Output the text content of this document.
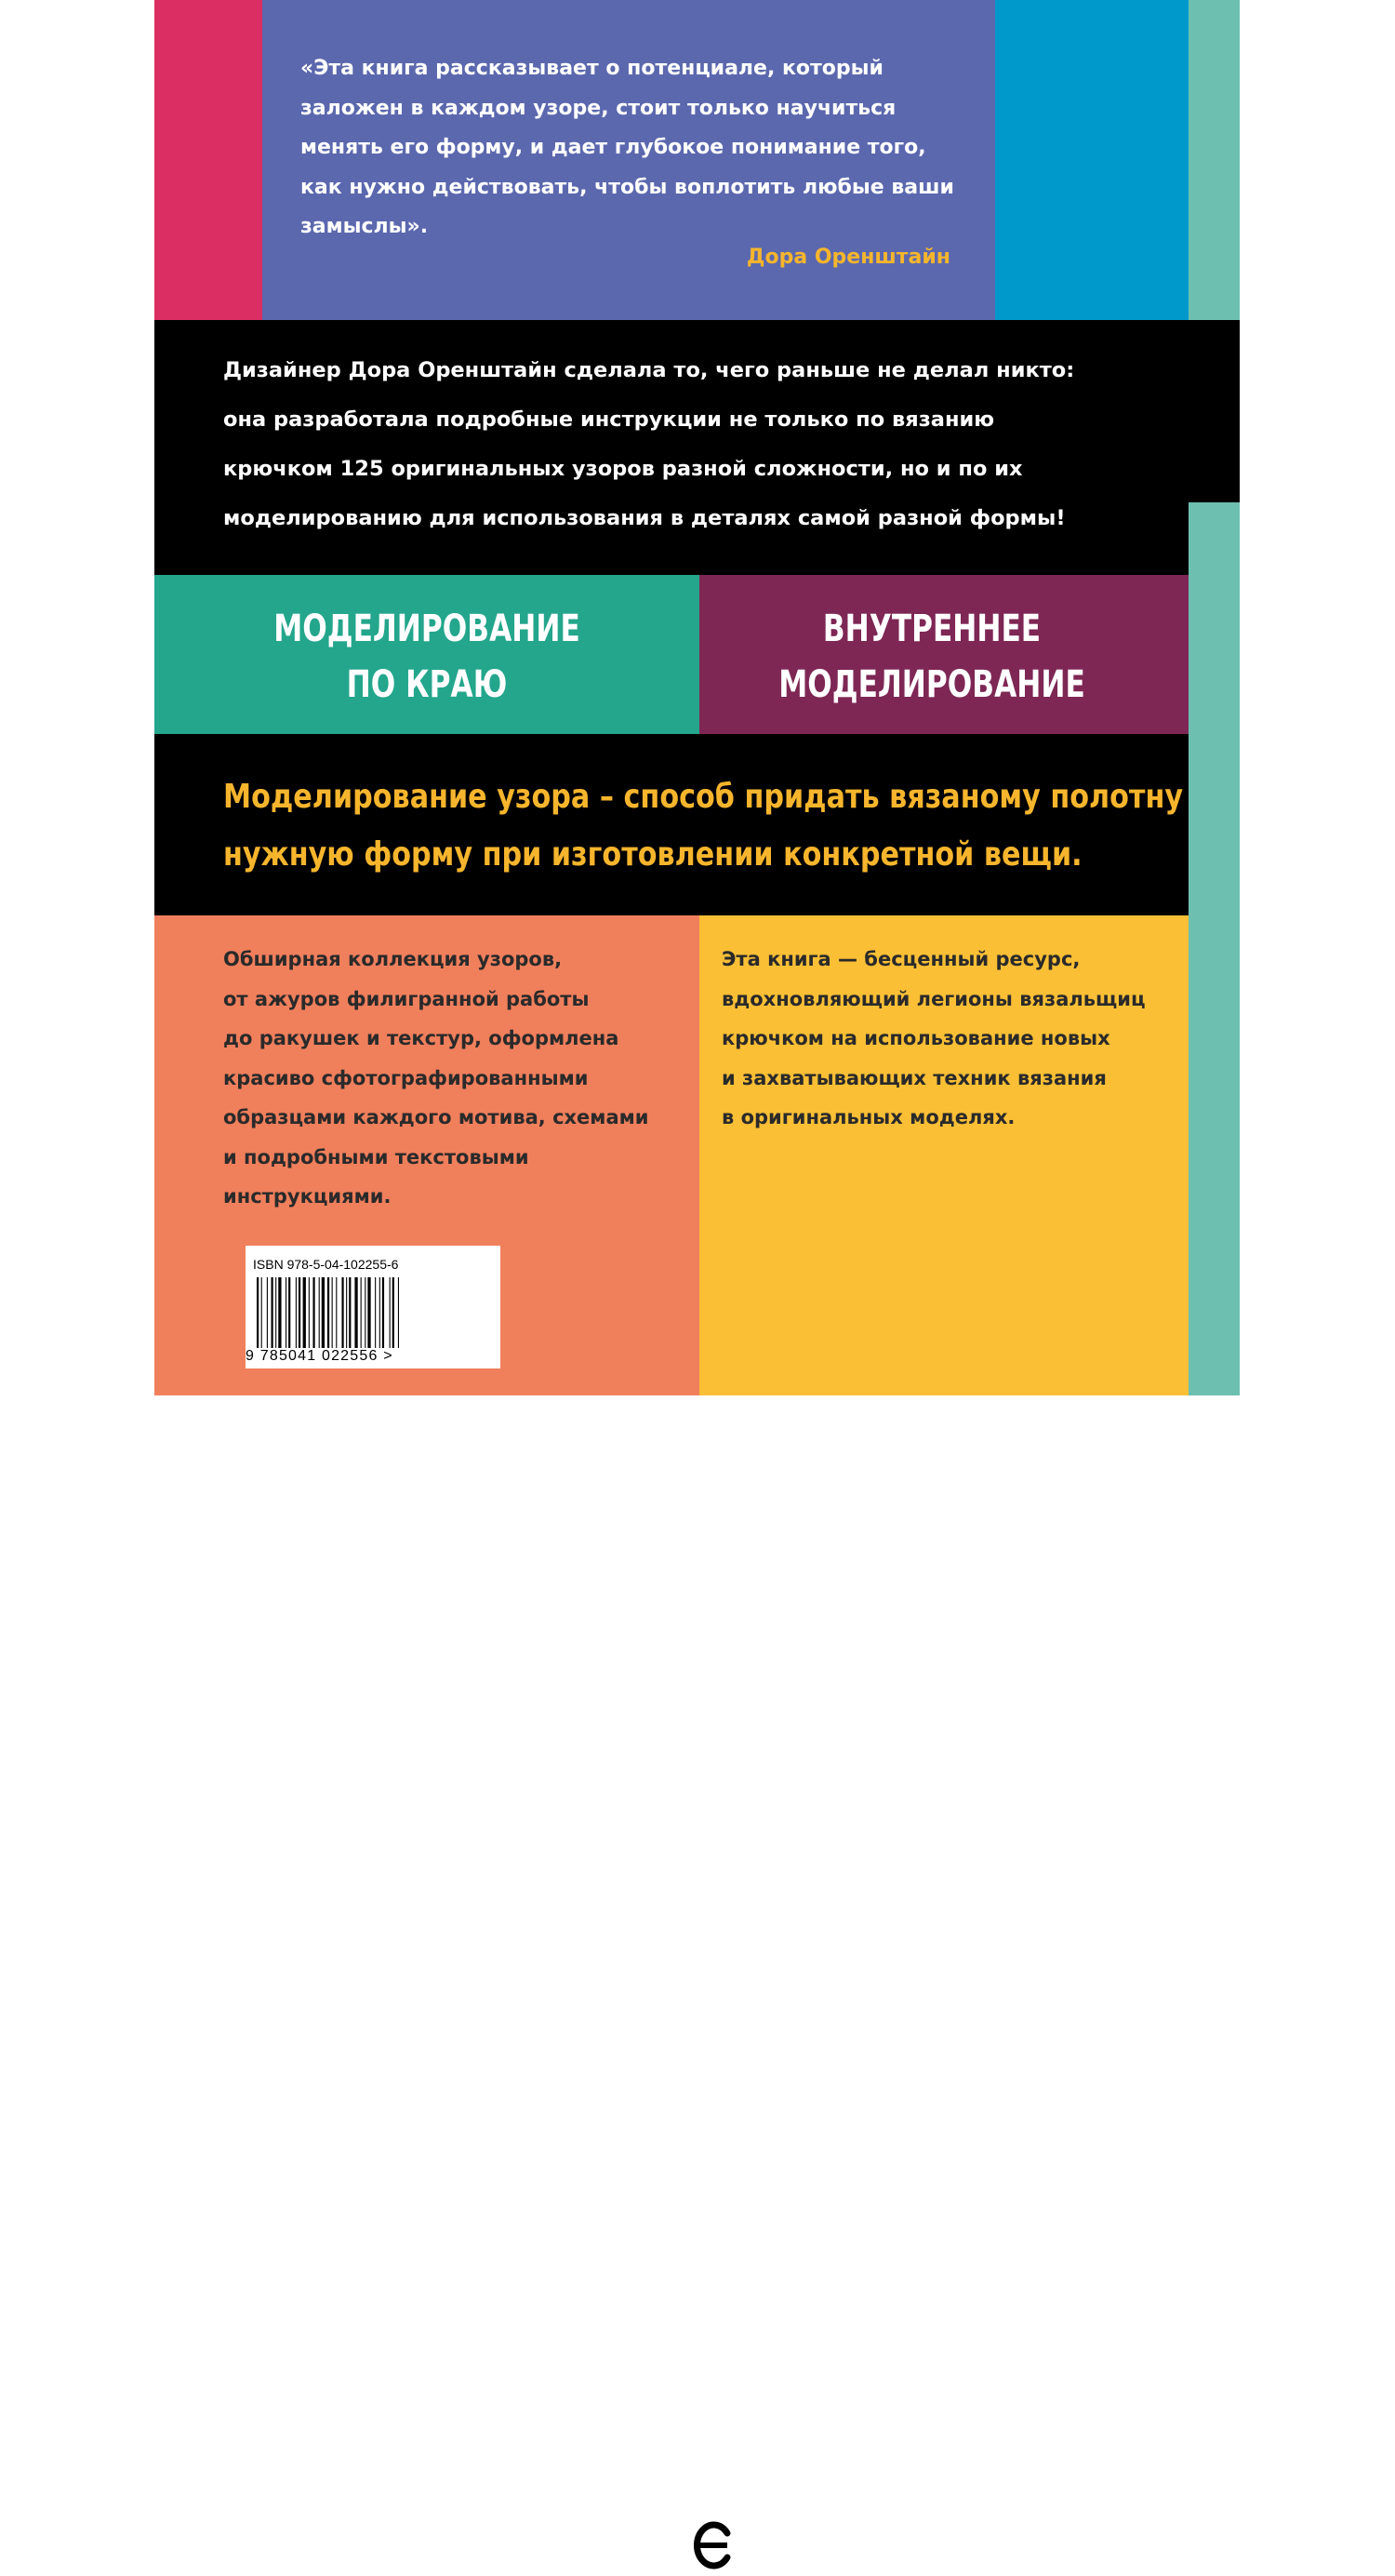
«Эта книга рассказывает о потенциале, который
заложен в каждом узоре, стоит только научиться
менять его форму, и дает глубокое понимание того,
как нужно действовать, чтобы воплотить любые ваши
замыслы».
Дора Оренштайн
Дизайнер Дора Оренштайн сделала то, чего раньше не делал никто:
она разработала подробные инструкции не только по вязанию
крючком 125 оригинальных узоров разной сложности, но и по их
моделированию для использования в деталях самой разной формы!
МОДЕЛИРОВАНИЕ
ПО КРАЮ
ВНУТРЕННЕЕ
МОДЕЛИРОВАНИЕ
Моделирование узора – способ придать вязаному полотну
нужную форму при изготовлении конкретной вещи.
Обширная коллекция узоров,
от ажуров филигранной работы
до ракушек и текстур, оформлена
красиво сфотографированными
образцами каждого мотива, схемами
и подробными текстовыми
инструкциями.
Эта книга — бесценный ресурс,
вдохновляющий легионы вязальщиц
крючком на использование новых
и захватывающих техник вязания
в оригинальных моделях.
ISBN 978-5-04-102255-6
9 785041 022556 >
